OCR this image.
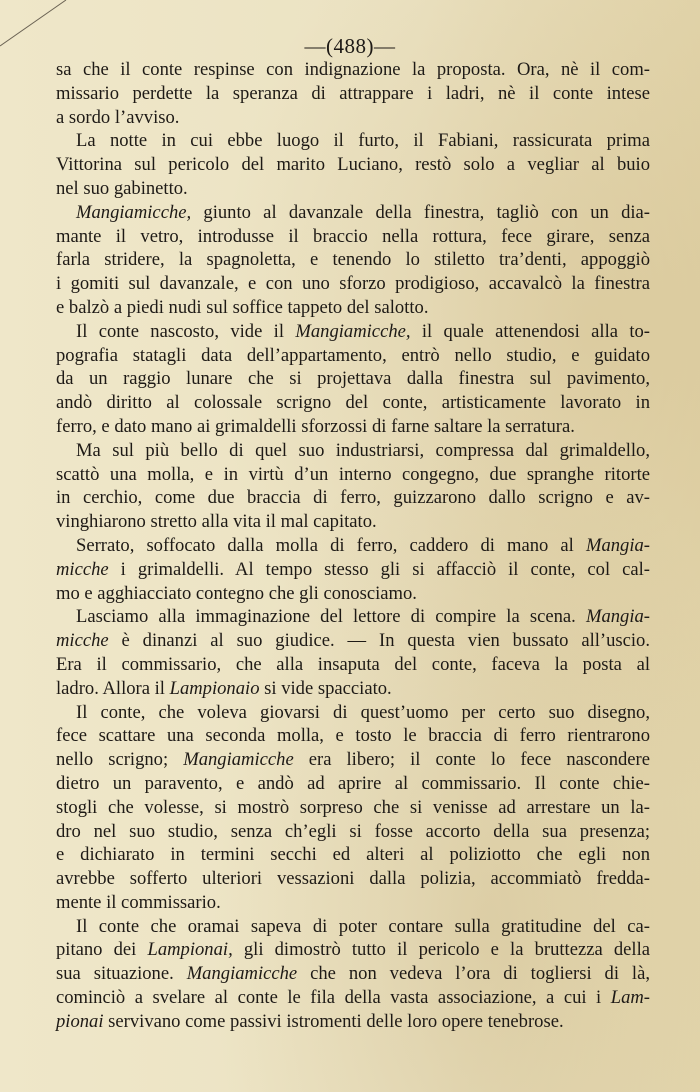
—(488)—

sa che il conte respinse con indignazione la proposta. Ora, nè il com-
missario perdette la speranza di attrappare i ladri, nè il conte intese
a sordo l’avviso.

La notte in cui ebbe luogo il furto, il Fabiani, rassicurata prima
Vittorina sul pericolo del marito Luciano, restò solo a vegliar al buio
nel suo gabinetto.

Mangiamicche, giunto al davanzale della finestra, tagliò con un dia-
mante il vetro, introdusse il braccio nella rottura, fece girare, senza
farla stridere, la spagnoletta, e tenendo lo stiletto tra’denti, appoggiò
i gomiti sul davanzale, e con uno sforzo prodigioso, accavalcò la finestra
e balzò a piedi nudi sul soffice tappeto del salotto.

Il conte nascosto, vide il Mangiamicche, il quale attenendosi alla to-
pografia statagli data dell’appartamento, entrò nello studio, e guidato
da un raggio lunare che si projettava dalla finestra sul pavimento,
andò diritto al colossale scrigno del conte, artisticamente lavorato in
ferro, e dato mano ai grimaldelli sforzossi di farne saltare la serratura.

Ma sul più bello di quel suo industriarsi, compressa dal grimaldello,
scattò una molla, e in virtù d’un interno congegno, due spranghe ritorte
in cerchio, come due braccia di ferro, guizzarono dallo scrigno e av-
vinghiarono stretto alla vita il mal capitato.

Serrato, soffocato dalla molla di ferro, caddero di mano al Mangia-
micche i grimaldelli. Al tempo stesso gli si affacciò il conte, col cal-
mo e agghiacciato contegno che gli conosciamo.

Lasciamo alla immaginazione del lettore di compire la scena. Mangia-
micche è dinanzi al suo giudice. — In questa vien bussato all’uscio.
Era il commissario, che alla insaputa del conte, faceva la posta al
ladro. Allora il Lampionaio si vide spacciato.

Il conte, che voleva giovarsi di quest’uomo per certo suo disegno,
fece scattare una seconda molla, e tosto le braccia di ferro rientrarono
nello scrigno; Mangiamicche era libero; il conte lo fece nascondere
dietro un paravento, e andò ad aprire al commissario. Il conte chie-
stogli che volesse, si mostrò sorpreso che si venisse ad arrestare un la-
dro nel suo studio, senza ch’egli si fosse accorto della sua presenza;
e dichiarato in termini secchi ed alteri al poliziotto che egli non
avrebbe sofferto ulteriori vessazioni dalla polizia, accommiatò fredda-
mente il commissario.

Il conte che oramai sapeva di poter contare sulla gratitudine del ca-
pitano dei Lampionai, gli dimostrò tutto il pericolo e la bruttezza della
sua situazione. Mangiamicche che non vedeva l’ora di togliersi di là,
cominciò a svelare al conte le fila della vasta associazione, a cui i Lam-
pionai servivano come passivi istromenti delle loro opere tenebrose.
